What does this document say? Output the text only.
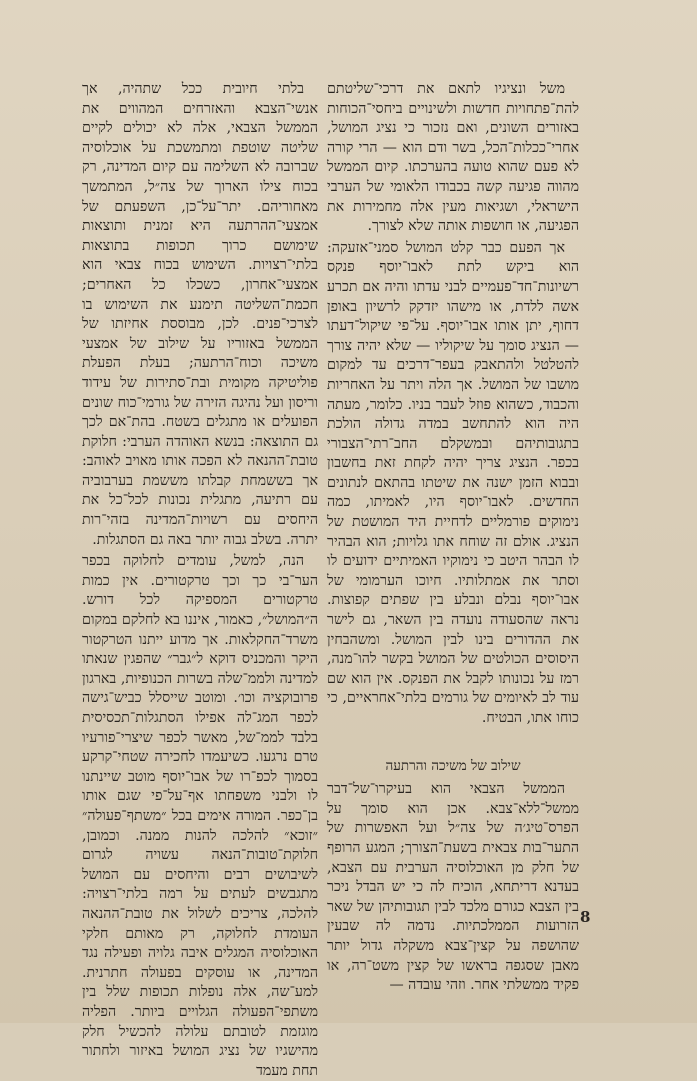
משל ונציגיו לתאם את דרכי־שליטתם להת־פתחויות חדשות ולשינויים ביחסי־הכוחות באזורים השונים, ואם נזכור כי נציג המושל, אחרי־ככלות־הכל, בשר ודם הוא — הרי קורה לא פעם שהוא טועה בהערכתו. קיום הממשל מהווה פגיעה קשה בכבודו הלאומי של הערבי הישראלי, ושגיאות מעין אלה מחמירות את הפגיעה, או חושפות אותה שלא לצורך.

אך הפעם כבר קלט המושל סמני־אזעקה: הוא ביקש לתת לאבו־יוסף פנקס רשיונות־חד־פעמיים לבני עדתו והיה אם תכרע אשה ללדת, או מישהו יזדקק לרשיון באופן דחוף, יתן אותו אבו־יוסף. על־פי שיקול־דעתו — הנציג סומך על שיקוליו — שלא יהיה צורך להטלטל ולהתאבק בעפר־דרכים עד למקום מושבו של המושל. אך הלה ויתר על האחריות והכבוד, כשהוא פוזל לעבר בניו. כלומר, מעתה היה הוא להתחשב במדה גדולה הולכת בתגובותיהם ובמשקלם החב־רתי־הצבורי בכפר. הנציג צריך יהיה לקחת זאת בחשבון ובבוא הזמן ישנה את שיטתו בהתאם לנתונים החדשים. לאבו־יוסף היו, לאמיתו, כמה נימוקים פורמליים לדחיית היד המושטת של הנציג. אולם זה שוחח אתו גלויות; הוא הבהיר לו הבהר היטב כי נימוקיו האמיתיים ידועים לו וסתר את אמתלותיו. חיוכו הערמומי של אבו־יוסף נבלם ונבלע בין שפתים קפוצות. נראה שהסעודה נועדה בין השאר, גם לישר את ההדורים בינו לבין המושל. ומשהבחין היסוסים הכולטים של המושל בקשר להו־מנה, רמז על נכונותו לקבל את הפנקס. אין הוא שם עוד לב לאיומים של גורמים בלתי־אחראיים, כי כוחו אתו, הבטיח.

שילוב של משיכה והרתעה

הממשל הצבאי הוא בעיקרו־של־דבר ממשל־ללא־צבא. אכן הוא סומך על הפרס־טיג׳ה של צה״ל ועל האפשרות של התער־בות צבאית בשעת־הצורך; המגע הרופף של חלק מן האוכלוסיה הערבית עם הצבא, בעדנא דריתחא, הוכיח לה כי יש הבדל ניכר בין הצבא כגורם מלכד לבין תגובותיהן של שאר הזרועות הממלכתיות. נדמה לה שבעין שהושפה על קצין־צבא משקלה גדול יותר מאבן שסגפה בראשו של קצין משט־רה, או פקיד ממשלתי אחר. וזהי עובדה —

בלתי חיובית ככל שתהיה, אך אנשי־הצבא והאזרחים המהווים את הממשל הצבאי, אלה לא יכולים לקיים שליטה שוטפת ומתמשכת על אוכלוסיה שברובה לא השלימה עם קיום המדינה, רק בכוח צילו הארוך של צה״ל, המתמשך מאחוריהם. יתר־על־כן, השפעתם של אמצעי־ההרתעה היא זמנית ותוצאות שימושם כרוך תכופות בתוצאות בלתי־רצויות. השימוש בכוח צבאי הוא אמצעי־אחרון, כשכלו כל האחרים; חכמת־השליטה תימנע את השימוש בו לצרכי־פנים. לכן, מבוססת אחיזתו של הממשל באזוריו על שילוב של אמצעי משיכה וכוח־הרתעה; בעלת הפעלת פוליטיקה מקומית ובת־סתירות של עידוד וריסון ועל נהיגה הזירה של גורמי־כוח שונים הפועלים או מתגלים בשטח. בהת־אם לכך גם התוצאה: בנשא האוהדה הערבי: חלוקת טובת־ההנאה לא הפכה אותו מאויב לאוהב: אך בששמחת קבלתו מששמת בערבוביה עם רתיעה, מתגלית נכונות לכל־כל את היחסים עם רשויות־המדינה בזהי־רות יתרה. בשלב גבוה יותר באה גם הסתגלות.

הנה, למשל, עומדים לחלוקה בכפר הער־בי כך וכך טרקטורים. אין כמות טרקטורים המספיקה לכל דורש. ה״המושל״, כאמור, איננו בא לחלקם במקום משרד־החקלאות. אך מדוע ייתנו הטרקטור היקר והמכניס דוקא ל״גבר״ שהפגין שנאתו למדינה ולממ־שלה בשרות הכנופיות, בארגון פרובוקציה וכו׳. ומוטב שייסלל כביש־גישה לכפר המג־לה אפילו הסתגלות־תכסיסית בלבד לממ־של, מאשר לכפר שיצרי־פורעיו טרם נרגעו. כשיעמדו לחכירה שטחי־קרקע בסמוך לכפ־רו של אבו־יוסף מוטב שיינתנו לו ולבני משפחתו אף־על־פי שגם אותו בן־כפר. המורה אימים בכל ״משתף־פעולה״ ״זוכא״ להלכה להנות ממנה. וכמובן, חלוקת־טובות־הנאה עשויה לגרום לשיבושים רבים והיחסים עם המושל מתגבשים לעתים על רמה בלתי־רצויה: להלכה, צריכים לשלול את טובת־ההנאה העומדת לחלוקה, רק מאותם חלקי האוכלוסיה המגלים איבה גלויה ופעילה נגד המדינה, או עוסקים בפעולה חתרנית. למע־שה, אלה נופלות תכופות שלל בין משתפי־הפעולה הגלויים ביותר. הפליה מוגזמת לטובתם עלולה להכשיל חלק מהישגיו של נציג המושל באיזור ולחתור תחת מעמד

8
